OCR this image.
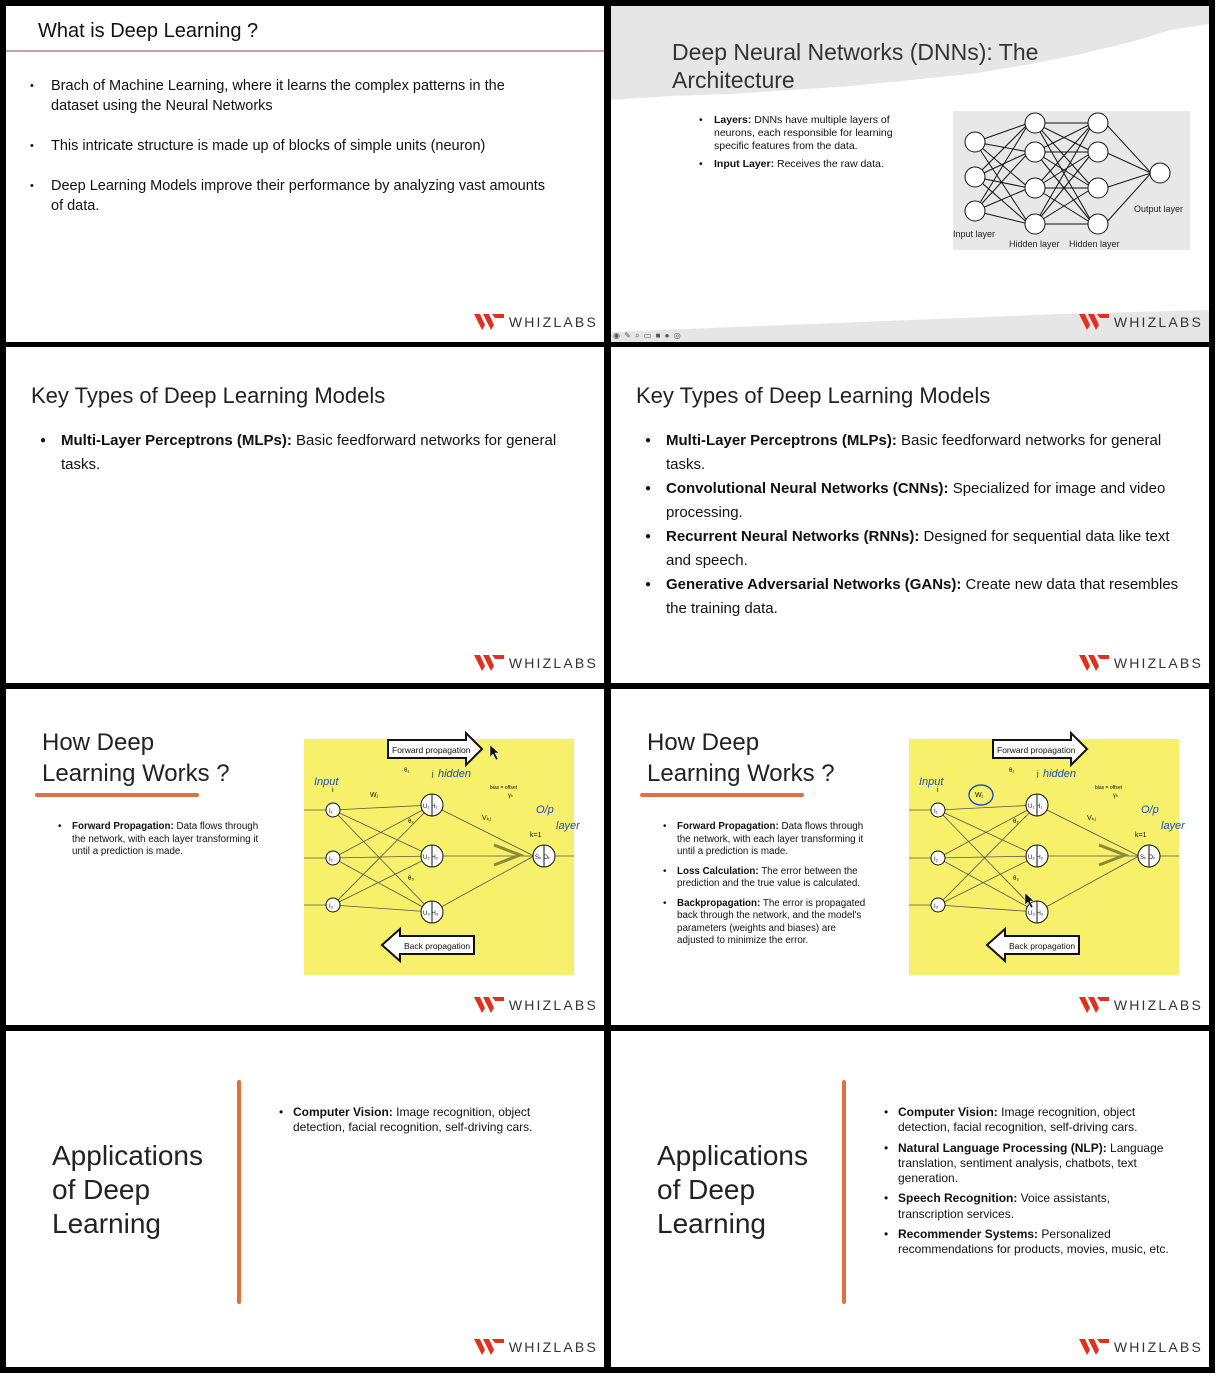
What is Deep Learning ?
• Brach of Machine Learning, where it learns the complex patterns in the dataset using the Neural Networks
• This intricate structure is made up of blocks of simple units (neuron)
• Deep Learning Models improve their performance by analyzing vast amounts of data.
WHIZLABS
Deep Neural Networks (DNNs): The Architecture
• Layers: DNNs have multiple layers of neurons, each responsible for learning specific features from the data.
• Input Layer: Receives the raw data.
Input layer
Hidden layer Hidden layer
Output layer
◉ ✎ ⌕ ▭ ■ ● ◎
WHIZLABS
Key Types of Deep Learning Models
● Multi-Layer Perceptrons (MLPs): Basic feedforward networks for general tasks.
WHIZLABS
Key Types of Deep Learning Models
● Multi-Layer Perceptrons (MLPs): Basic feedforward networks for general tasks.
● Convolutional Neural Networks (CNNs): Specialized for image and video processing.
● Recurrent Neural Networks (RNNs): Designed for sequential data like text and speech.
● Generative Adversarial Networks (GANs): Create new data that resembles the training data.
WHIZLABS
How Deep
Learning Works ?
• Forward Propagation: Data flows through the network, with each layer transforming it until a prediction is made.
Forward propagation
Back propagation
I₁
I₂
I₃
U₁ H₁
U₂ H₂
U₃ H₃
Sₖ Oₖ
i
j
Wⱼ
Vₖⱼ
θ₁
θ₂
θ₃
bias = offset
γₖ
k=1
Input
hidden
O/p
layer
WHIZLABS
How Deep
Learning Works ?
• Forward Propagation: Data flows through the network, with each layer transforming it until a prediction is made.
• Loss Calculation: The error between the prediction and the true value is calculated.
• Backpropagation: The error is propagated back through the network, and the model's parameters (weights and biases) are adjusted to minimize the error.
Forward propagation
Back propagation
I₁
I₂
I₃
U₁ H₁
U₂ H₂
U₃ H₃
Sₖ Oₖ
i
j
Wⱼ
Vₖⱼ
θ₁
θ₂
θ₃
bias = offset
γₖ
k=1
Input
hidden
O/p
layer
WHIZLABS
Applications
of Deep
Learning
• Computer Vision: Image recognition, object detection, facial recognition, self-driving cars.
WHIZLABS
Applications
of Deep
Learning
• Computer Vision: Image recognition, object detection, facial recognition, self-driving cars.
• Natural Language Processing (NLP): Language translation, sentiment analysis, chatbots, text generation.
• Speech Recognition: Voice assistants, transcription services.
• Recommender Systems: Personalized recommendations for products, movies, music, etc.
WHIZLABS
